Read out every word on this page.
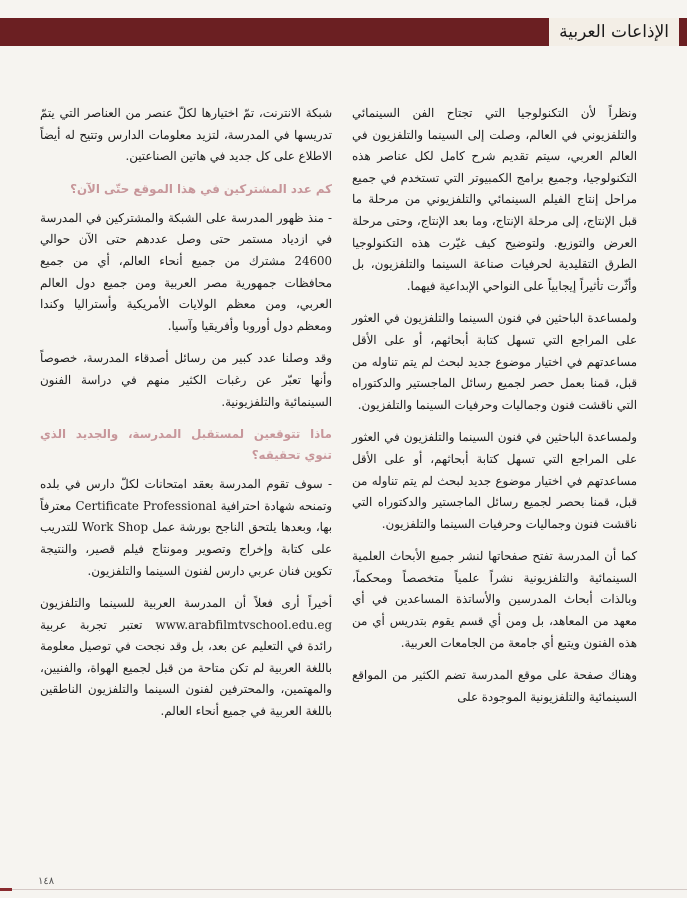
الإذاعات العربية

ونظراً لأن التكنولوجيا التي تجتاح الفن السينمائي والتلفزيوني في العالم، وصلت إلى السينما والتلفزيون في العالم العربي، سيتم تقديم شرح كامل لكل عناصر هذه التكنولوجيا، وجميع برامج الكمبيوتر التي تستخدم في جميع مراحل إنتاج الفيلم السينمائي والتلفزيوني من مرحلة ما قبل الإنتاج، إلى مرحلة الإنتاج، وما بعد الإنتاج، وحتى مرحلة العرض والتوزيع. ولتوضيح كيف غيّرت هذه التكنولوجيا الطرق التقليدية لحرفيات صناعة السينما والتلفزيون، بل وأثّرت تأثيراً إيجابياً على النواحي الإبداعية فيهما.

ولمساعدة الباحثين في فنون السينما والتلفزيون في العثور على المراجع التي تسهل كتابة أبحاثهم، أو على الأقل مساعدتهم في اختيار موضوع جديد لبحث لم يتم تناوله من قبل، قمنا بعمل حصر لجميع رسائل الماجستير والدكتوراه التي ناقشت فنون وجماليات وحرفيات السينما والتلفزيون.

ولمساعدة الباحثين في فنون السينما والتلفزيون في العثور على المراجع التي تسهل كتابة أبحاثهم، أو على الأقل مساعدتهم في اختيار موضوع جديد لبحث لم يتم تناوله من قبل، قمنا بحصر لجميع رسائل الماجستير والدكتوراه التي ناقشت فنون وجماليات وحرفيات السينما والتلفزيون.

كما أن المدرسة تفتح صفحاتها لنشر جميع الأبحاث العلمية السينمائية والتلفزيونية نشراً علمياً متخصصاً ومحكماً، وبالذات أبحاث المدرسين والأساتذة المساعدين في أي معهد من المعاهد، بل ومن أي قسم يقوم بتدريس أي من هذه الفنون ويتبع أي جامعة من الجامعات العربية.

وهناك صفحة على موقع المدرسة تضم الكثير من المواقع السينمائية والتلفزيونية الموجودة على

شبكة الانترنت، تمّ اختيارها لكلّ عنصر من العناصر التي يتمّ تدريسها في المدرسة، لتزيد معلومات الدارس وتتيح له أيضاً الاطلاع على كل جديد في هاتين الصناعتين.

كم عدد المشتركين في هذا الموقع حتّى الآن؟

- منذ ظهور المدرسة على الشبكة والمشتركين في المدرسة في ازدياد مستمر حتى وصل عددهم حتى الآن حوالي 24600 مشترك من جميع أنحاء العالم، أي من جميع محافظات جمهورية مصر العربية ومن جميع دول العالم العربي، ومن معظم الولايات الأمريكية وأستراليا وكندا ومعظم دول أوروبا وأفريقيا وآسيا.

وقد وصلنا عدد كبير من رسائل أصدقاء المدرسة، خصوصاً وأنها تعبّر عن رغبات الكثير منهم في دراسة الفنون السينمائية والتلفزيونية.

ماذا تتوقعين لمستقبل المدرسة، والجديد الذي تنوي تحقيقه؟

- سوف تقوم المدرسة بعقد امتحانات لكلّ دارس في بلده وتمنحه شهادة احترافية Certificate Professional معترفاً بها، وبعدها يلتحق الناجح بورشة عمل Work Shop للتدريب على كتابة وإخراج وتصوير ومونتاج فيلم قصير، والنتيجة تكوين فنان عربي دارس لفنون السينما والتلفزيون.

أخيراً أرى فعلاً أن المدرسة العربية للسينما والتلفزيون www.arabfilmtvschool.edu.eg تعتبر تجربة عربية رائدة في التعليم عن بعد، بل وقد نجحت في توصيل معلومة باللغة العربية لم تكن متاحة من قبل لجميع الهواة، والفنيين، والمهتمين، والمحترفين لفنون السينما والتلفزيون الناطقين باللغة العربية في جميع أنحاء العالم.

١٤٨
